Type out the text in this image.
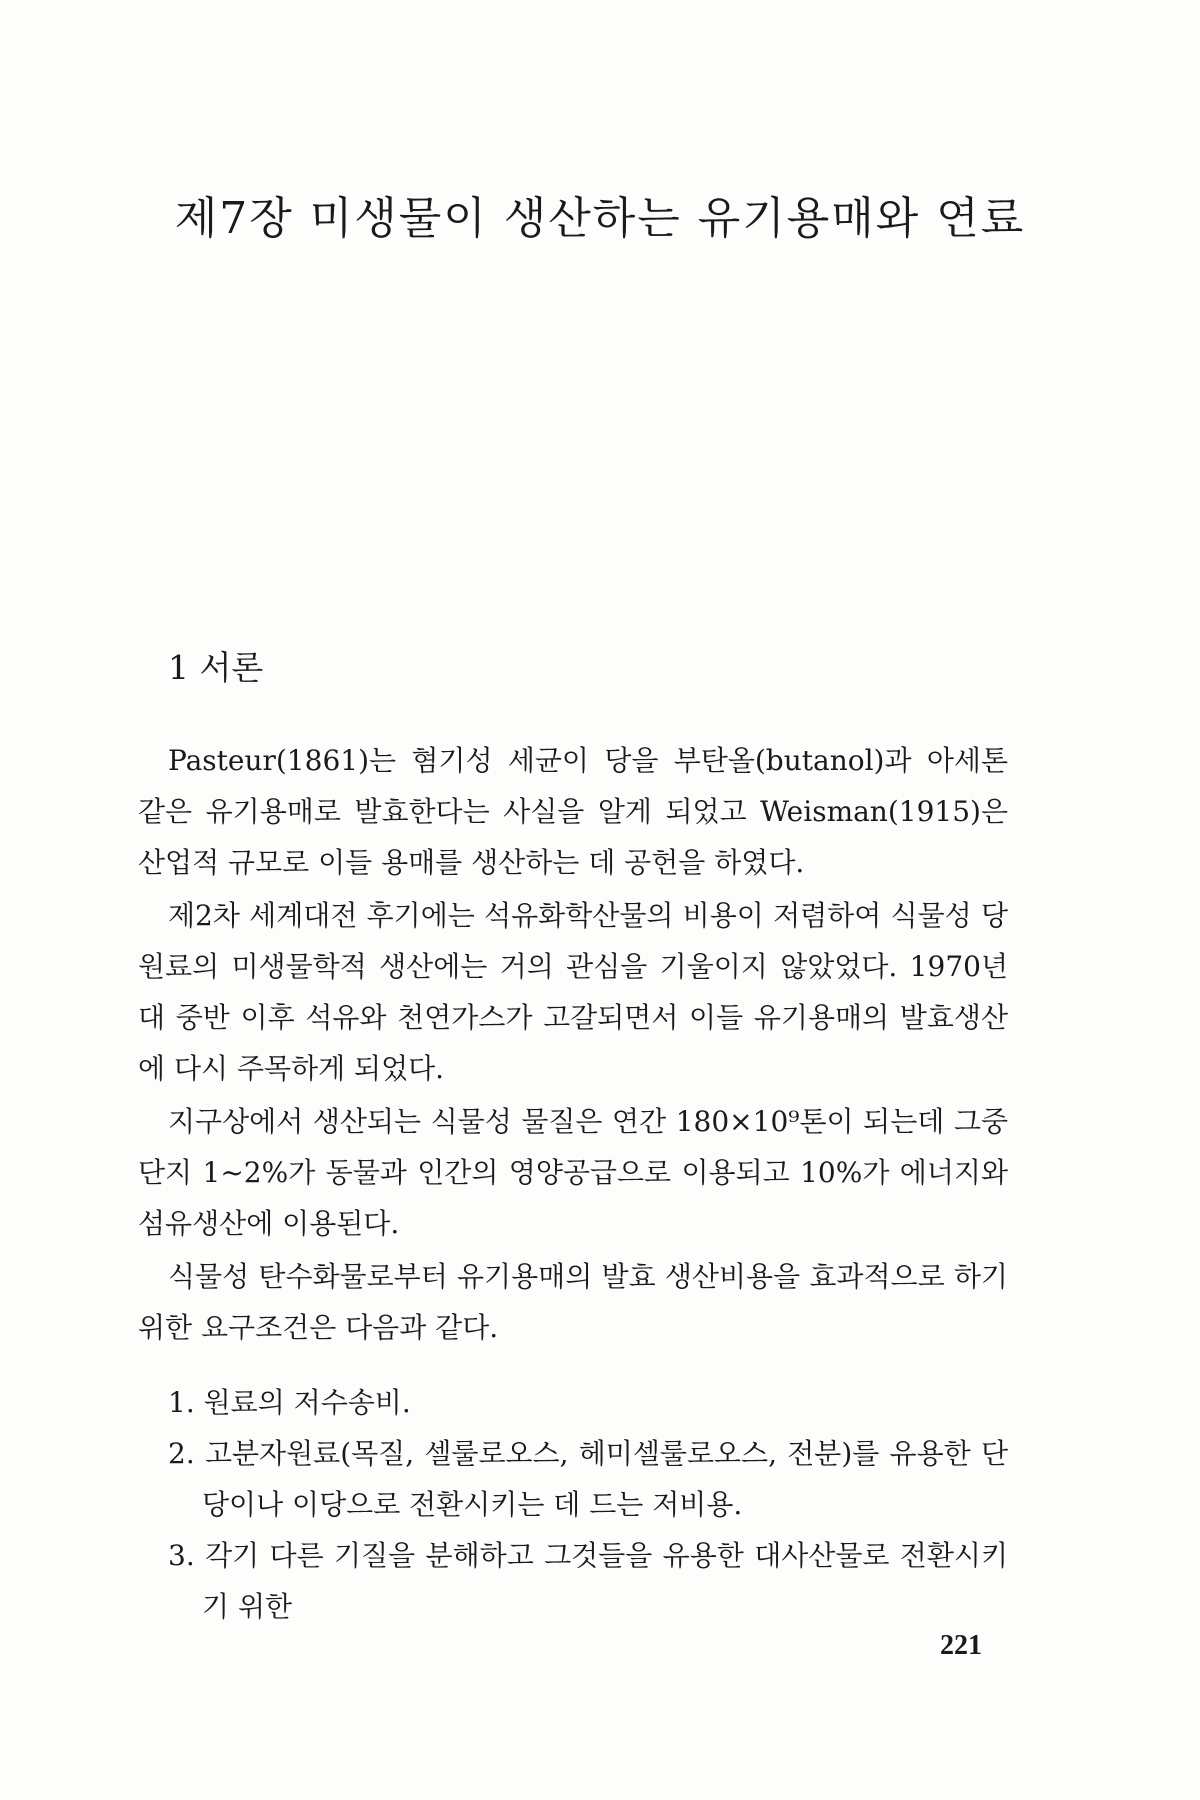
제7장 미생물이 생산하는 유기용매와 연료
1 서론

Pasteur(1861)는 혐기성 세균이 당을 부탄올(butanol)과 아세톤 같은 유기용매로 발효한다는 사실을 알게 되었고 Weisman(1915)은 산업적 규모로 이들 용매를 생산하는 데 공헌을 하였다.

제2차 세계대전 후기에는 석유화학산물의 비용이 저렴하여 식물성 당원료의 미생물학적 생산에는 거의 관심을 기울이지 않았었다. 1970년대 중반 이후 석유와 천연가스가 고갈되면서 이들 유기용매의 발효생산에 다시 주목하게 되었다.

지구상에서 생산되는 식물성 물질은 연간 180×10⁹톤이 되는데 그중 단지 1~2%가 동물과 인간의 영양공급으로 이용되고 10%가 에너지와 섬유생산에 이용된다.

식물성 탄수화물로부터 유기용매의 발효 생산비용을 효과적으로 하기 위한 요구조건은 다음과 같다.

1. 원료의 저수송비.
2. 고분자원료(목질, 셀룰로오스, 헤미셀룰로오스, 전분)를 유용한 단당이나 이당으로 전환시키는 데 드는 저비용.
3. 각기 다른 기질을 분해하고 그것들을 유용한 대사산물로 전환시키기 위한
221
